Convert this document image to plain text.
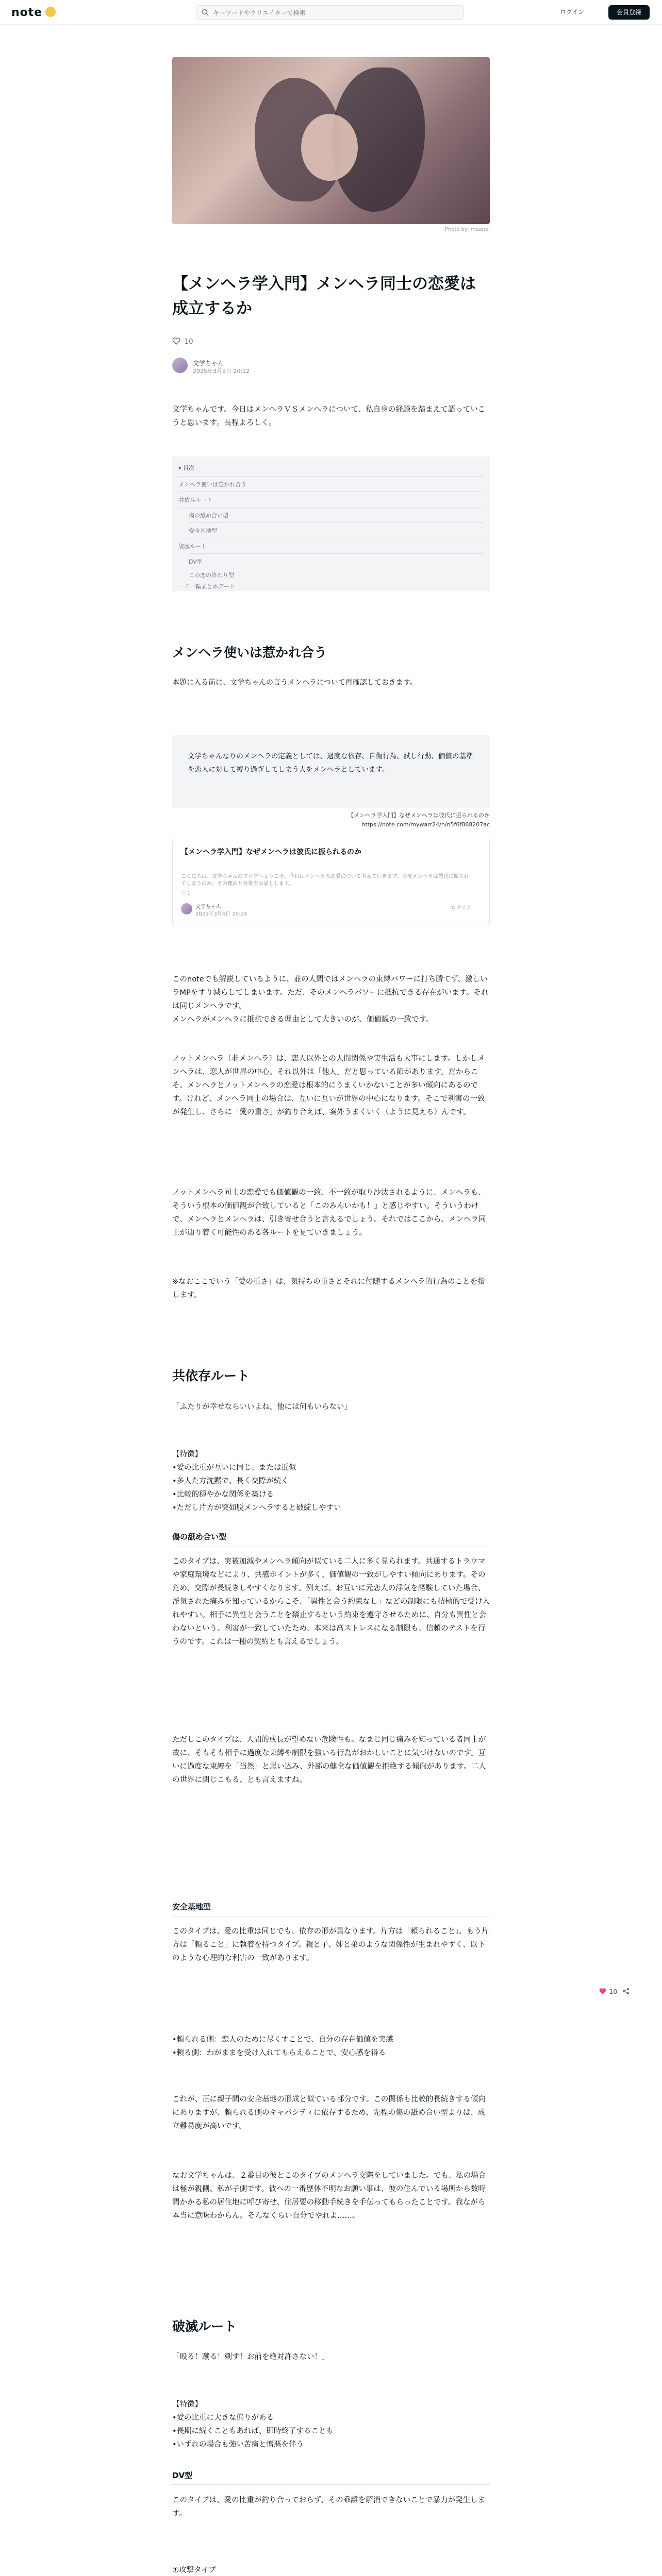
note
キーワードやクリエイターで検索	ログイン	会員登録
Photo by: maanoi
【メンヘラ学入門】メンヘラ同士の恋愛は成立するか
10
文学ちゃん
2025年3月9日 20:22
文学ちゃんです。今日はメンヘラＶＳメンヘラについて、私自身の経験を踏まえて語っていこうと思います。長程よろしく。
▾ 目次
メンヘラ使いは惹かれ合う
共依存ルート
傷の舐め合い型
安全基地型
破滅ルート
DV型
この恋の終わり型
一羊一輸まとめデート
メンヘラ使いは惹かれ合う
本題に入る前に、文学ちゃんの言うメンヘラについて再確認しておきます。
文学ちゃんなりのメンヘラの定義としては、過度な依存、自傷行為、試し行動、価値の基準を恋人に対して縛り過ぎしてしまう人をメンヘラとしています。
【メンヘラ学入門】なぜメンヘラは彼氏に振られるのか
https://note.com/mywarr24/n/n5f6f868207ac
【メンヘラ学入門】なぜメンヘラは彼氏に振られるのか
こんにちは、文学ちゃんのブログへようこそ。今日はメンヘラの恋愛について考えていきます。なぜメンヘラは彼氏に振られてしまうのか、その理由と対策をお話しします。
♡ 1
文学ちゃん
2025年3月4日 20:24
ログイン
このnoteでも解説しているように、並の人間ではメンヘラの束縛パワーに打ち勝てず、激しいラMPをすり減らしてしまいます。ただ、そのメンヘラパワーに抵抗できる存在がいます。それは同じメンヘラです。
メンヘラがメンヘラに抵抗できる理由として大きいのが、価値観の一致です。
ノットメンヘラ（非メンヘラ）は、恋人以外との人間関係や実生活も大事にします。しかしメンヘラは、恋人が世界の中心。それ以外は「他人」だと思っている節があります。だからこそ、メンヘラとノットメンヘラの恋愛は根本的にうまくいかないことが多い傾向にあるのです。けれど、メンヘラ同士の場合は、互いに互いが世界の中心になります。そこで利害の一致が発生し、さらに「愛の重さ」が釣り合えば、案外うまくいく（ように見える）んです。
ノットメンヘラ同士の恋愛でも価値観の一致、不一致が取り沙汰されるように、メンヘラも、そういう根本の価値観が合致していると「このみんいかも！」と感じやすい。そういうわけで、メンヘラとメンヘラは、引き寄せ合うと言えるでしょう。それではここから、メンヘラ同士が辿り着く可能性のある各ルートを見ていきましょう。
※なおここでいう「愛の重さ」は、気持ちの重さとそれに付随するメンヘラ的行為のことを指します。
共依存ルート
「ふたりが幸せならいいよね、他には何もいらない」
【特徴】
•愛の比重が互いに同じ、または近似
•多人た方沈黙で、長く交際が続く
•比較的穏やかな関係を築ける
•ただし片方が突如脱メンヘラすると破綻しやすい
傷の舐め合い型
このタイプは、実被加減やメンヘラ傾向が似ている二人に多く見られます。共通するトラウマや家庭環境などにより、共感ポイントが多く、価値観の一致がしやすい傾向にあります。そのため、交際が長続きしやすくなります。例えば、お互いに元恋人の浮気を経験していた場合、浮気された痛みを知っているからこそ、「異性と会う約束なし」などの制限にも積極的で受け入れやすい。相手に異性と会うことを禁止するという約束を遵守させるために、自分も異性と会わないという。利害が一致していたため、本来は高ストレスになる制限も、信頼のテストを行うのです。これは一種の契約とも言えるでしょう。
ただしこのタイプは、人間的成長が望めない危険性も。なまじ同じ痛みを知っている者同士が故に、そもそも相手に過度な束縛や制限を強いる行為がおかしいことに気づけないのです。互いに過度な束縛を「当然」と思い込み、外部の健全な価値観を拒絶する傾向があります。二人の世界に閉じこもる、とも言えますね。
安全基地型
このタイプは、愛の比重は同じでも、依存の形が異なります。片方は「頼られること」、もう片方は「頼ること」に執着を持つタイプ。親と子、姉と弟のような関係性が生まれやすく、以下のような心理的な利害の一致があります。
•頼られる側：恋人のために尽くすことで、自分の存在価値を実感
•頼る側：わがままを受け入れてもらえることで、安心感を得る
これが、正に親子間の安全基地の形成と似ている部分です。この関係も比較的長続きする傾向にありますが、頼られる側のキャパシティに依存するため、先程の傷の舐め合い型よりは、成立難易度が高いです。
なお文学ちゃんは、２番目の彼とこのタイプのメンヘラ交際をしていました。でも、私の場合は極が親側、私が子側です。彼への一番歴体不明なお願い事は、彼の住んでいる場所から数時間かかる私の居住地に呼び寄せ、住居要の移動手続きを手伝ってもらったことです。我ながら本当に意味わからん。そんなくらい自分でやれよ……。
破滅ルート
「殴る！蹴る！刺す！お前を絶対許さない！」
【特徴】
•愛の比重に大きな偏りがある
•長期に続くこともあれば、即時終了することも
•いずれの場合も強い苦痛と憎悪を伴う
DV型
このタイプは、愛の比重が釣り合っておらず、その乖離を解消できないことで暴力が発生します。
①攻撃タイプ
10
